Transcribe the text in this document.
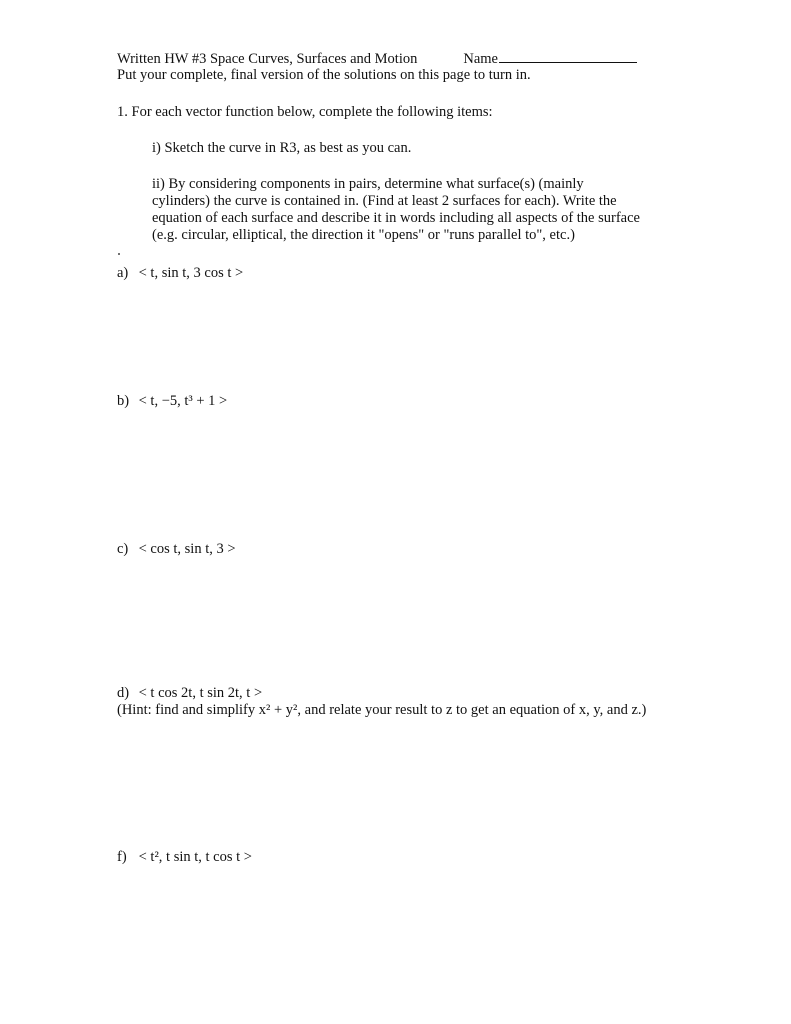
Written HW #3 Space Curves, Surfaces and Motion	Name
Put your complete, final version of the solutions on this page to turn in.
1. For each vector function below, complete the following items:
i) Sketch the curve in R3, as best as you can.
ii) By considering components in pairs, determine what surface(s) (mainly
cylinders) the curve is contained in. (Find at least 2 surfaces for each). Write the
equation of each surface and describe it in words including all aspects of the surface
(e.g. circular, elliptical, the direction it "opens" or "runs parallel to", etc.)
a) < t, sin t, 3 cos t >
b) < t, −5, t³ + 1 >
c) < cos t, sin t, 3 >
d) < t cos 2t, t sin 2t, t >
(Hint: find and simplify x² + y², and relate your result to z to get an equation of x, y, and z.)
f) < t², t sin t, t cos t >
